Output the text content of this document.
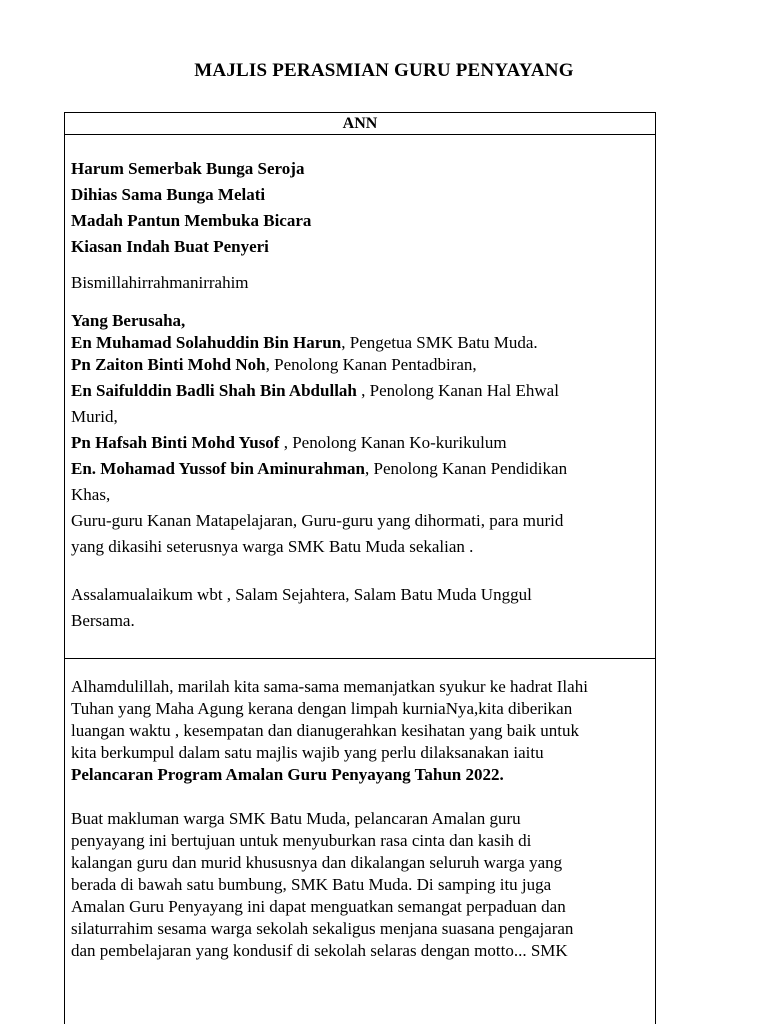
MAJLIS PERASMIAN GURU PENYAYANG
ANN

Harum Semerbak Bunga Seroja

Dihias Sama Bunga Melati

Madah Pantun Membuka Bicara

Kiasan Indah Buat Penyeri

Bismillahirrahmanirrahim

Yang Berusaha,

En Muhamad Solahuddin Bin Harun, Pengetua SMK Batu Muda.

Pn Zaiton Binti Mohd Noh, Penolong Kanan Pentadbiran,

En Saifulddin Badli Shah Bin Abdullah , Penolong Kanan Hal Ehwal

Murid,

Pn Hafsah Binti Mohd Yusof , Penolong Kanan Ko-kurikulum

En. Mohamad Yussof bin Aminurahman, Penolong Kanan Pendidikan

Khas,

Guru-guru Kanan Matapelajaran, Guru-guru yang dihormati, para murid

yang dikasihi seterusnya warga SMK Batu Muda sekalian .

Assalamualaikum wbt , Salam Sejahtera, Salam Batu Muda Unggul

Bersama.

Alhamdulillah, marilah kita sama-sama memanjatkan syukur ke hadrat Ilahi

Tuhan yang Maha Agung kerana dengan limpah kurniaNya,kita diberikan

luangan waktu , kesempatan dan dianugerahkan kesihatan yang baik untuk

kita berkumpul dalam satu majlis wajib yang perlu dilaksanakan iaitu

Pelancaran Program Amalan Guru Penyayang Tahun 2022.

Buat makluman warga SMK Batu Muda, pelancaran Amalan guru

penyayang ini bertujuan untuk menyuburkan rasa cinta dan kasih di

kalangan guru dan murid khususnya dan dikalangan seluruh warga yang

berada di bawah satu bumbung, SMK Batu Muda. Di samping itu juga

Amalan Guru Penyayang ini dapat menguatkan semangat perpaduan dan

silaturrahim sesama warga sekolah sekaligus menjana suasana pengajaran

dan pembelajaran yang kondusif di sekolah selaras dengan motto... SMK
